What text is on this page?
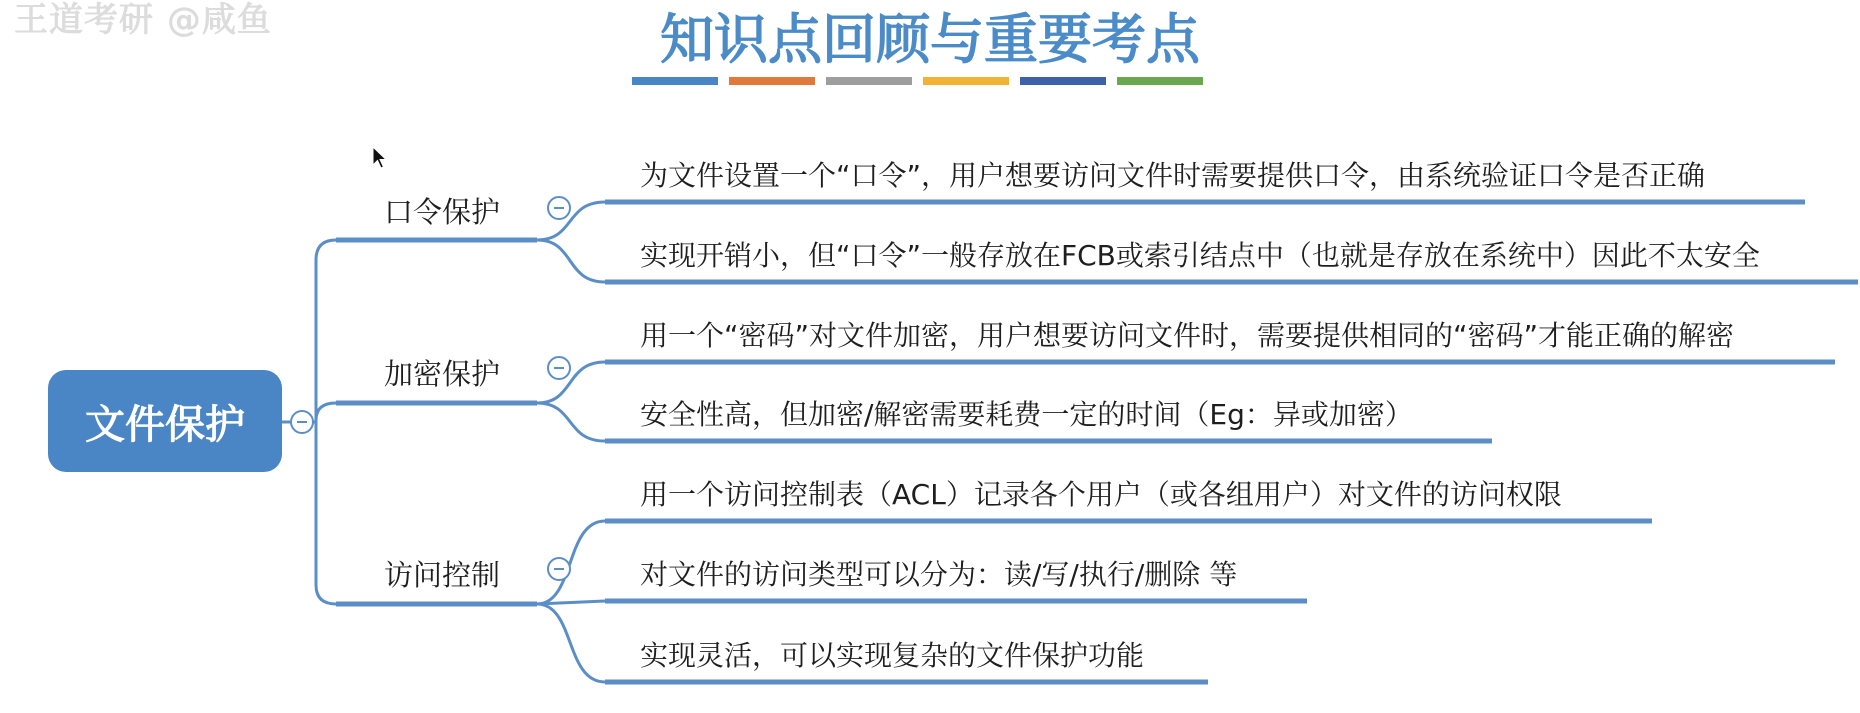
王道考研 @咸鱼	知识点回顾与重要考点
文件保护
口令保护
加密保护
访问控制
为文件设置一个“口令”，用户想要访问文件时需要提供口令，由系统验证口令是否正确
实现开销小，但“口令”一般存放在FCB或索引结点中（也就是存放在系统中）因此不太安全
用一个“密码”对文件加密，用户想要访问文件时，需要提供相同的“密码”才能正确的解密
安全性高，但加密/解密需要耗费一定的时间（Eg：异或加密）
用一个访问控制表（ACL）记录各个用户（或各组用户）对文件的访问权限
对文件的访问类型可以分为：读/写/执行/删除 等
实现灵活，可以实现复杂的文件保护功能
